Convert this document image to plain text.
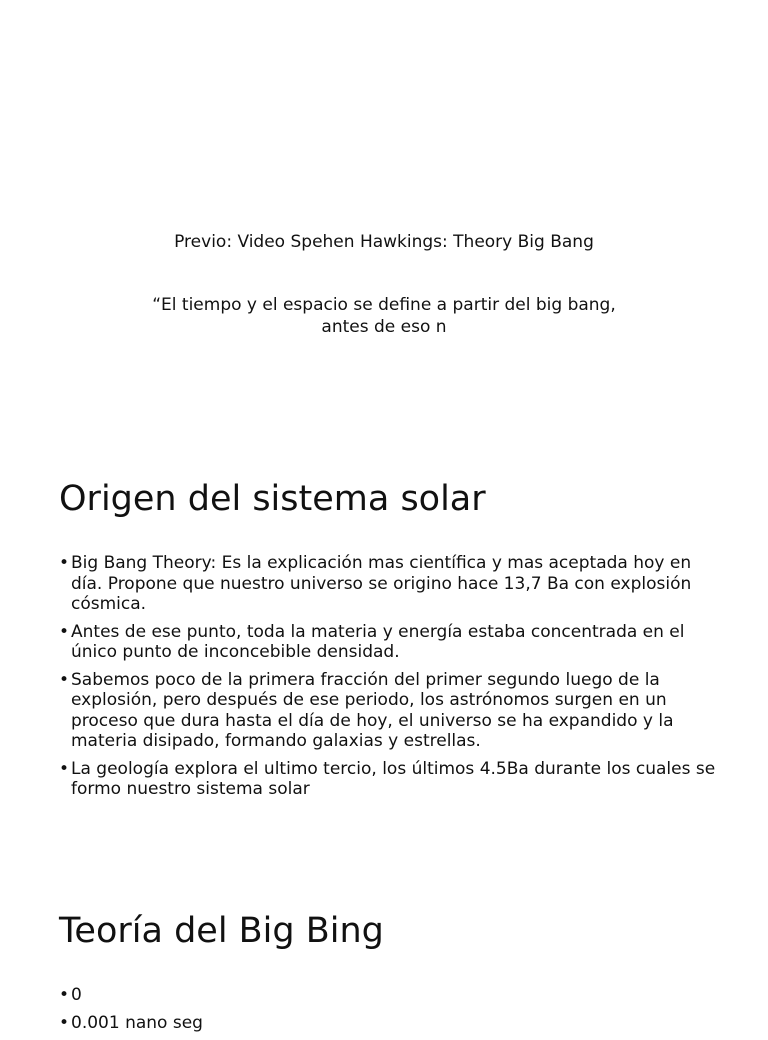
Previo: Video Spehen Hawkings: Theory Big Bang
“El tiempo y el espacio se define a partir del big bang,
antes de eso n
Origen del sistema solar
• Big Bang Theory: Es la explicación mas científica y mas aceptada hoy en día. Propone que nuestro universo se origino hace 13,7 Ba con explosión cósmica.
• Antes de ese punto, toda la materia y energía estaba concentrada en el único punto de inconcebible densidad.
• Sabemos poco de la primera fracción del primer segundo luego de la explosión, pero después de ese periodo, los astrónomos surgen en un proceso que dura hasta el día de hoy, el universo se ha expandido y la materia disipado, formando galaxias y estrellas.
• La geología explora el ultimo tercio, los últimos 4.5Ba durante los cuales se formo nuestro sistema solar
Teoría del Big Bing
• 0
• 0.001 nano seg
